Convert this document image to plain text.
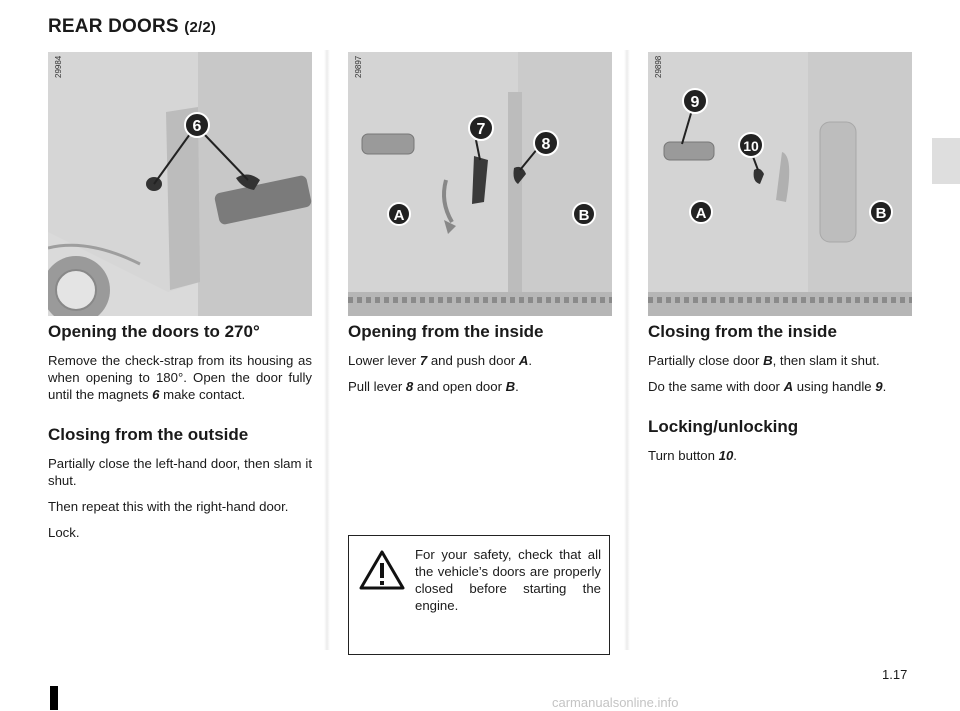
REAR DOORS (2/2)
6
29984
7
8
A	B
29897
9
10
A	B
29898
Opening the doors to 270°

Remove the check-strap from its housing as when opening to 180°. Open the door fully until the magnets 6 make contact.

Closing from the outside

Partially close the left-hand door, then slam it shut.

Then repeat this with the right-hand door.

Lock.

Opening from the inside

Lower lever 7 and push door A.

Pull lever 8 and open door B.

Closing from the inside

Partially close door B, then slam it shut.

Do the same with door A using handle 9.

Locking/unlocking

Turn button 10.

For your safety, check that all the vehicle’s doors are properly closed before starting the engine.

1.17

carmanualsonline.info
